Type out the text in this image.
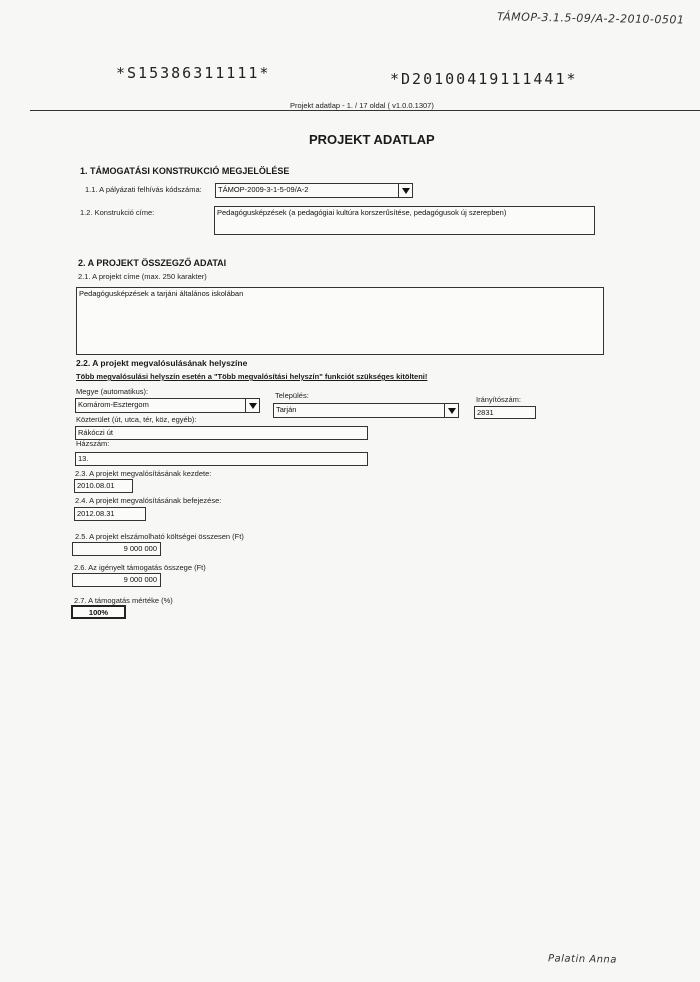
TÁMOP-3.1.5-09/A-2-2010-0501
*S15386311111*	*D20100419111441*
Projekt adatlap - 1. / 17 oldal ( v1.0.0.1307)
PROJEKT ADATLAP
1. TÁMOGATÁSI KONSTRUKCIÓ MEGJELÖLÉSE
1.1. A pályázati felhívás kódszáma:	TÁMOP-2009-3-1-5-09/A-2
1.2. Konstrukció címe:	Pedagógusképzések (a pedagógiai kultúra korszerűsítése, pedagógusok új szerepben)
2. A PROJEKT ÖSSZEGZŐ ADATAI
2.1. A projekt címe (max. 250 karakter)
Pedagógusképzések a tarjáni általános iskolában
2.2. A projekt megvalósulásának helyszíne
Több megvalósulási helyszín esetén a "Több megvalósítási helyszín" funkciót szükséges kitölteni!
Megye (automatikus):
Komárom-Esztergom
Település:
Tarján
Irányítószám:
2831
Közterület (út, utca, tér, köz, egyéb):
Rákóczi út
Házszám:
13.
2.3. A projekt megvalósításának kezdete:
2010.08.01
2.4. A projekt megvalósításának befejezése:
2012.08.31
2.5. A projekt elszámolható költségei összesen (Ft)
9 000 000
2.6. Az igényelt támogatás összege (Ft)
9 000 000
2.7. A támogatás mértéke (%)
100%
Palatin Anna
